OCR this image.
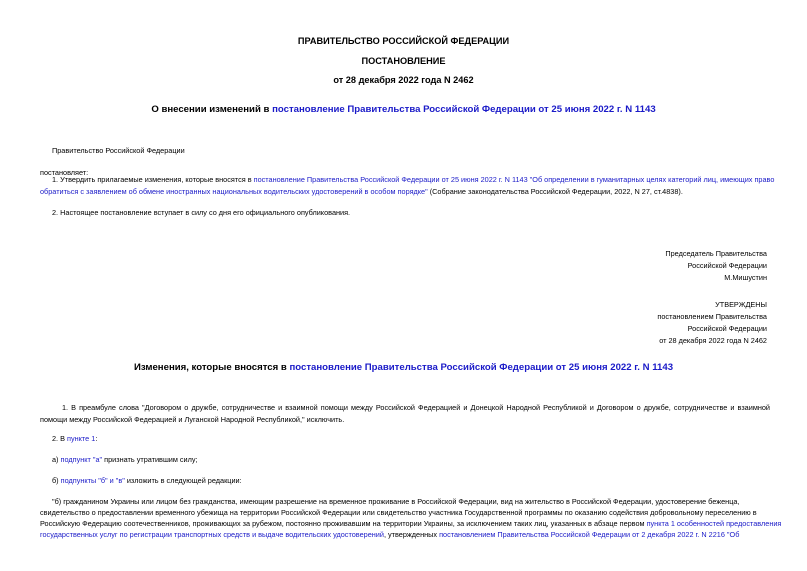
ПРАВИТЕЛЬСТВО РОССИЙСКОЙ ФЕДЕРАЦИИ
ПОСТАНОВЛЕНИЕ
от 28 декабря 2022 года N 2462
О внесении изменений в постановление Правительства Российской Федерации от 25 июня 2022 г. N 1143
Правительство Российской Федерации
постановляет:
1. Утвердить прилагаемые изменения, которые вносятся в постановление Правительства Российской Федерации от 25 июня 2022 г. N 1143 "Об определении в гуманитарных целях категорий лиц, имеющих право
обратиться с заявлением об обмене иностранных национальных водительских удостоверений в особом порядке" (Собрание законодательства Российской Федерации, 2022, N 27, ст.4838).
2. Настоящее постановление вступает в силу со дня его официального опубликования.
Председатель Правительства
Российской Федерации
М.Мишустин
УТВЕРЖДЕНЫ
постановлением Правительства
Российской Федерации
от 28 декабря 2022 года N 2462
Изменения, которые вносятся в постановление Правительства Российской Федерации от 25 июня 2022 г. N 1143
1. В преамбуле слова "Договором о дружбе, сотрудничестве и взаимной помощи между Российской Федерацией и Донецкой Народной Республикой и Договором о дружбе, сотрудничестве и взаимной помощи между Российской Федерацией и Луганской Народной Республикой," исключить.
2. В пункте 1:
а) подпункт "а" признать утратившим силу;
б) подпункты "б" и "в" изложить в следующей редакции:
"б) гражданином Украины или лицом без гражданства, имеющим разрешение на временное проживание в Российской Федерации, вид на жительство в Российской Федерации, удостоверение беженца,
свидетельство о предоставлении временного убежища на территории Российской Федерации или свидетельство участника Государственной программы по оказанию содействия добровольному переселению в
Российскую Федерацию соотечественников, проживающих за рубежом, постоянно проживавшим на территории Украины, за исключением таких лиц, указанных в абзаце первом пункта 1 особенностей предоставления
государственных услуг по регистрации транспортных средств и выдаче водительских удостоверений, утвержденных постановлением Правительства Российской Федерации от 2 декабря 2022 г. N 2216 "Об
